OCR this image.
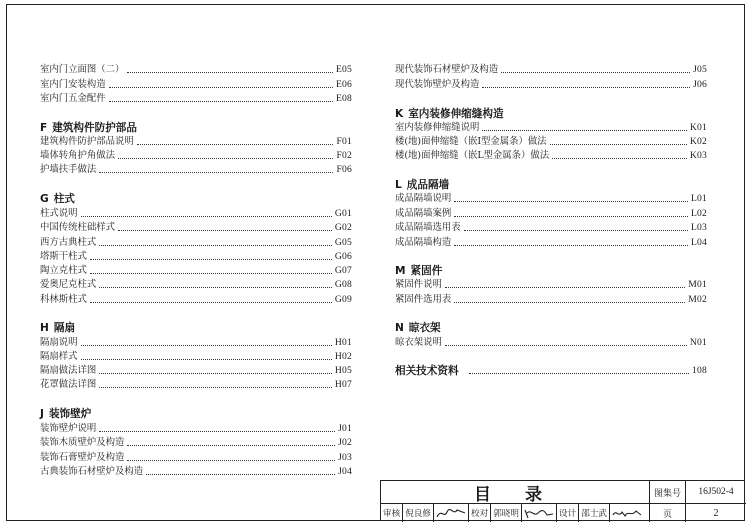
室内门立面图（二）	E05
室内门安装构造	E06
室内门五金配件	E08
F 建筑构件防护部品
建筑构件防护部品说明	F01
墙体转角护角做法	F02
护墙扶手做法	F06
G 柱式
柱式说明	G01
中国传统柱础样式	G02
西方古典柱式	G05
塔斯干柱式	G06
陶立克柱式	G07
爱奥尼克柱式	G08
科林斯柱式	G09
H 隔扇
隔扇说明	H01
隔扇样式	H02
隔扇做法详图	H05
花罩做法详图	H07
J 装饰壁炉
装饰壁炉说明	J01
装饰木质壁炉及构造	J02
装饰石膏壁炉及构造	J03
古典装饰石材壁炉及构造	J04
现代装饰石材壁炉及构造	J05
现代装饰壁炉及构造	J06
K 室内装修伸缩缝构造
室内装修伸缩缝说明	K01
楼(地)面伸缩缝（嵌I型金属条）做法	K02
楼(地)面伸缩缝（嵌L型金属条）做法	K03
L 成品隔墙
成品隔墙说明	L01
成品隔墙案例	L02
成品隔墙选用表	L03
成品隔墙构造	L04
M 紧固件
紧固件说明	M01
紧固件选用表	M02
N 晾衣架
晾衣架说明	N01
相关技术资料	108
目 录	图集号	16J502-4
审核 倪良修	校对 郭晓明	设计 邵士武	页	2
